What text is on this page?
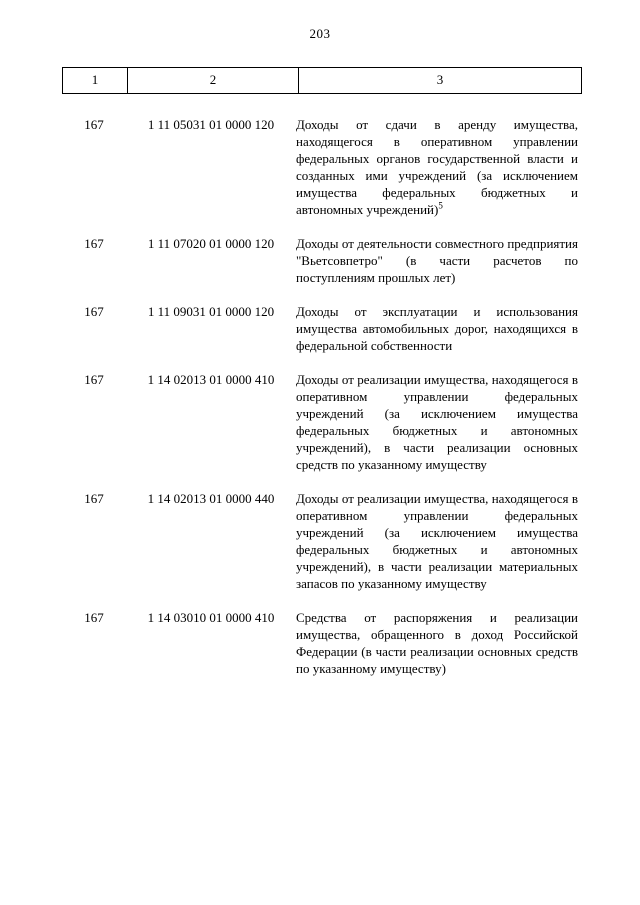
203
1	2	3
167	1 11 05031 01 0000 120	Доходы от сдачи в аренду имущества, находящегося в оперативном управлении федеральных органов государственной власти и созданных ими учреждений (за исключением имущества федеральных бюджетных и автономных учреждений)$^5$
167	1 11 07020 01 0000 120	Доходы от деятельности совместного предприятия "Вьетсовпетро" (в части расчетов по поступлениям прошлых лет)
167	1 11 09031 01 0000 120	Доходы от эксплуатации и использования имущества автомобильных дорог, находящихся в федеральной собственности
167	1 14 02013 01 0000 410	Доходы от реализации имущества, находящегося в оперативном управлении федеральных учреждений (за исключением имущества федеральных бюджетных и автономных учреждений), в части реализации основных средств по указанному имуществу
167	1 14 02013 01 0000 440	Доходы от реализации имущества, находящегося в оперативном управлении федеральных учреждений (за исключением имущества федеральных бюджетных и автономных учреждений), в части реализации материальных запасов по указанному имуществу
167	1 14 03010 01 0000 410	Средства от распоряжения и реализации имущества, обращенного в доход Российской Федерации (в части реализации основных средств по указанному имуществу)
